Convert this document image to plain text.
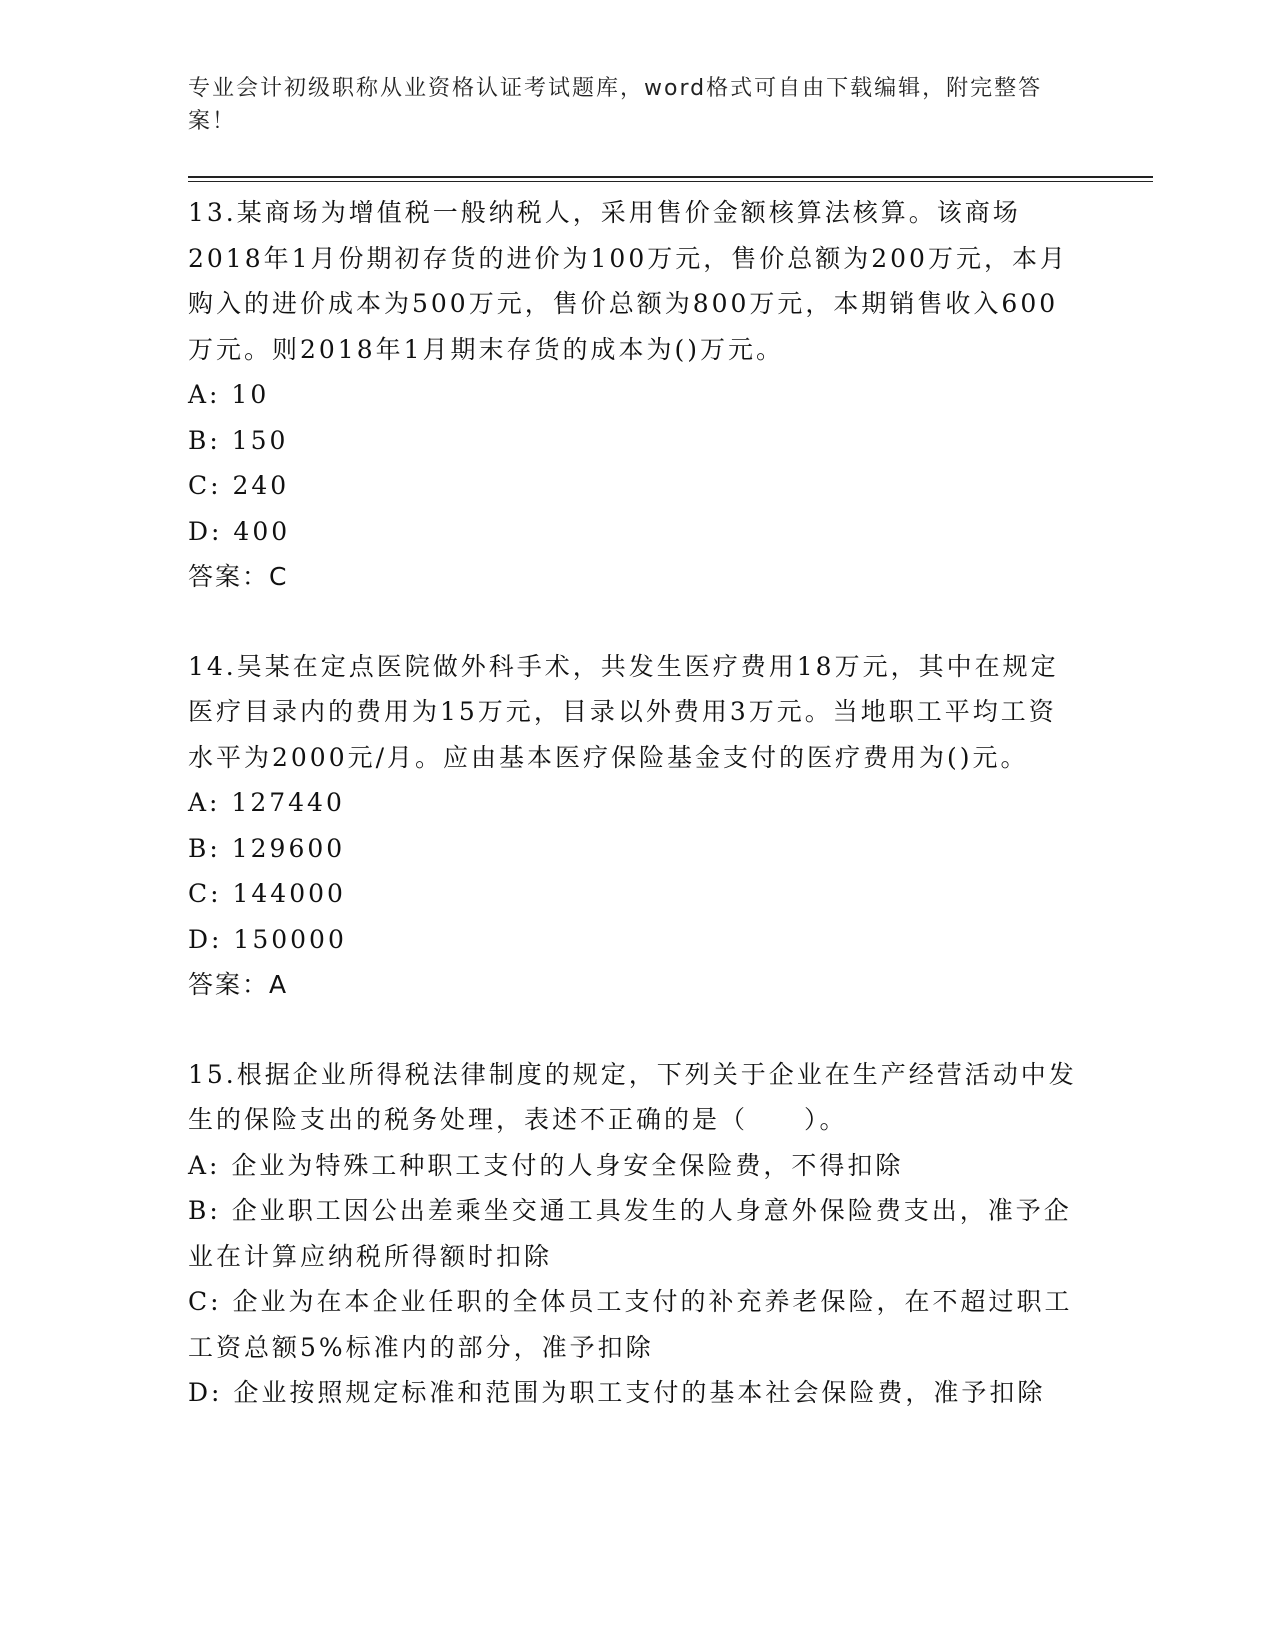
专业会计初级职称从业资格认证考试题库，word格式可自由下载编辑，附完整答案！

13.某商场为增值税一般纳税人，采用售价金额核算法核算。该商场2018年1月份期初存货的进价为100万元，售价总额为200万元，本月购入的进价成本为500万元，售价总额为800万元，本期销售收入600万元。则2018年1月期末存货的成本为()万元。

A: 10

B: 150

C: 240

D: 400

答案：C

14.吴某在定点医院做外科手术，共发生医疗费用18万元，其中在规定医疗目录内的费用为15万元，目录以外费用3万元。当地职工平均工资水平为2000元/月。应由基本医疗保险基金支付的医疗费用为()元。

A: 127440

B: 129600

C: 144000

D: 150000

答案：A

15.根据企业所得税法律制度的规定，下列关于企业在生产经营活动中发生的保险支出的税务处理，表述不正确的是（　　）。

A: 企业为特殊工种职工支付的人身安全保险费，不得扣除

B: 企业职工因公出差乘坐交通工具发生的人身意外保险费支出，准予企业在计算应纳税所得额时扣除

C: 企业为在本企业任职的全体员工支付的补充养老保险，在不超过职工工资总额5%标准内的部分，准予扣除

D: 企业按照规定标准和范围为职工支付的基本社会保险费，准予扣除
